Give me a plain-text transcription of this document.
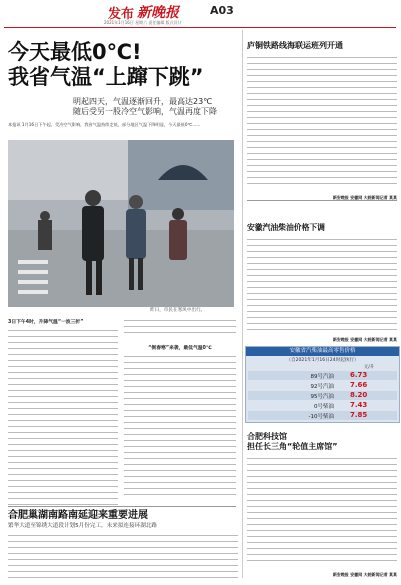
发布 新晚报	A03
2021年1月16日 星期六 责任编辑 版式设计
今天最低0℃!
我省气温“上蹿下跳”
明起四天，气温逐渐回升，最高达23℃
随后受另一股冷空气影响，气温再度下降
本报讯 1月16日下午起，受冷空气影响，我省气温持续走低，部分地区气温下降明显，今天最低0℃……
昨日，市民在寒风中出行。
3日下午4时，升降气温“一波三折”
“倒春寒”来袭，最低气温0℃
合肥巢湖南路南延迎来重要进展
繁华大道至锦绣大道段计划5月份完工，未来拟连接环湖北路
庐铜铁路线海联运班列开通
新安晚报 安徽网 大皖新闻记者 某某
安徽汽油柴油价格下调
新安晚报 安徽网 大皖新闻记者 某某
安徽省汽柴油最高零售价格
（自2021年1月16日24时起执行）
元/升
89号汽油 6.73
92号汽油 7.66
95号汽油 8.20
0号柴油 7.43
-10号柴油 7.85
合肥科技馆
担任长三角“轮值主席馆”
新安晚报 安徽网 大皖新闻记者 某某
